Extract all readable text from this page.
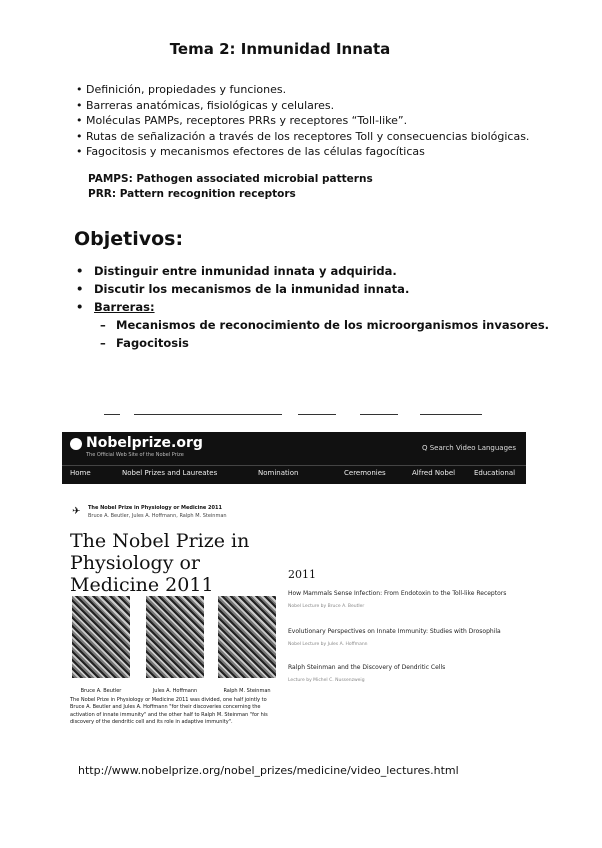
Tema 2: Inmunidad Innata
• Definición, propiedades y funciones.
• Barreras anatómicas, fisiológicas y celulares.
• Moléculas PAMPs, receptores PRRs y receptores “Toll-like”.
• Rutas de señalización a través de los receptores Toll y consecuencias biológicas.
• Fagocitosis y mecanismos efectores de las células fagocíticas
PAMPS: Pathogen associated microbial patterns
PRR: Pattern recognition receptors
Objetivos:
• Distinguir entre inmunidad innata y adquirida.
• Discutir los mecanismos de la inmunidad innata.
• Barreras:
– Mecanismos de reconocimiento de los microorganismos invasores.
– Fagocitosis
Nobelprize.org
The Official Web Site of the Nobel Prize
Q Search Video Languages
Home	Nobel Prizes and Laureates	Nomination	Ceremonies	Alfred Nobel	Educational
✈ The Nobel Prize in Physiology or Medicine 2011
Bruce A. Beutler, Jules A. Hoffmann, Ralph M. Steinman
The Nobel Prize in Physiology or Medicine 2011
Bruce A. Beutler	Jules A. Hoffmann	Ralph M. Steinman
The Nobel Prize in Physiology or Medicine 2011 was divided, one half jointly to Bruce A. Beutler and Jules A. Hoffmann "for their discoveries concerning the activation of innate immunity" and the other half to Ralph M. Steinman "for his discovery of the dendritic cell and its role in adaptive immunity".
2011
How Mammals Sense Infection: From Endotoxin to the Toll-like Receptors
Nobel Lecture by Bruce A. Beutler
Evolutionary Perspectives on Innate Immunity: Studies with Drosophila
Nobel Lecture by Jules A. Hoffmann
Ralph Steinman and the Discovery of Dendritic Cells
Lecture by Michel C. Nussenzweig
http://www.nobelprize.org/nobel_prizes/medicine/video_lectures.html
